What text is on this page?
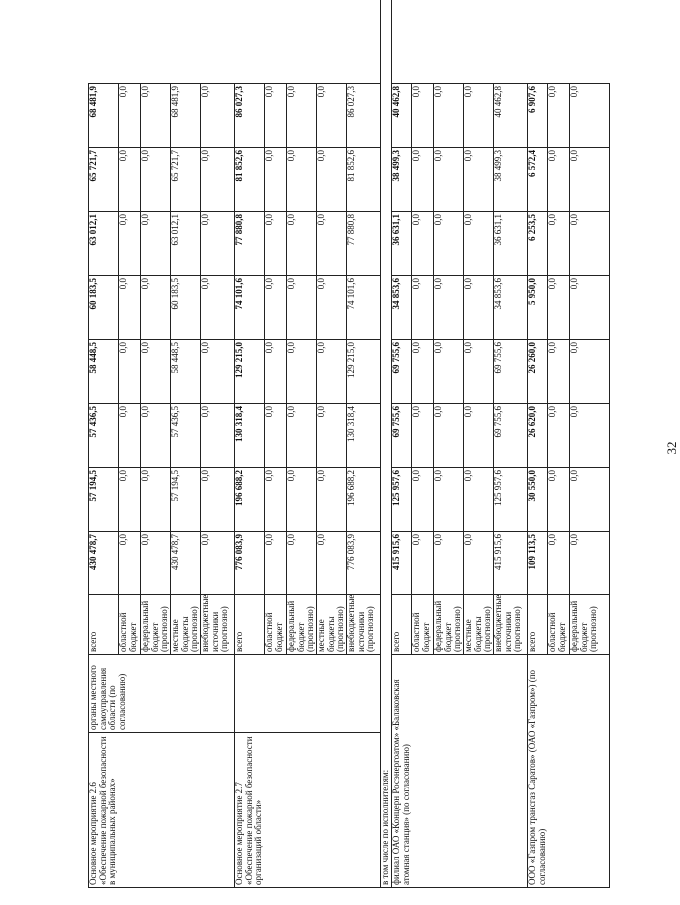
32
Основное мероприятие 2.6 «Обеспечение пожарной безопасности в муниципальных районах»	органы местного самоуправления области (по согласованию)	всего	430 478,7	57 194,5	57 436,5	58 448,5	60 183,5	63 012,1	65 721,7	68 481,9

		областной бюджет	0,0	0,0	0,0	0,0	0,0	0,0	0,0	0,0

		федеральный бюджет (прогнозно)	0,0	0,0	0,0	0,0	0,0	0,0	0,0	0,0

		местные бюджеты (прогнозно)	430 478,7	57 194,5	57 436,5	58 448,5	60 183,5	63 012,1	65 721,7	68 481,9

		внебюджетные источники (прогнозно)	0,0	0,0	0,0	0,0	0,0	0,0	0,0	0,0

Основное мероприятие 2.7 «Обеспечение пожарной безопасности организаций области»		всего	776 083,9	196 688,2	130 318,4	129 215,0	74 101,6	77 880,8	81 852,6	86 027,3

		областной бюджет	0,0	0,0	0,0	0,0	0,0	0,0	0,0	0,0

		федеральный бюджет (прогнозно)	0,0	0,0	0,0	0,0	0,0	0,0	0,0	0,0

		местные бюджеты (прогнозно)	0,0	0,0	0,0	0,0	0,0	0,0	0,0	0,0

		внебюджетные источники (прогнозно)	776 083,9	196 688,2	130 318,4	129 215,0	74 101,6	77 880,8	81 852,6	86 027,3

в том числе по исполнителям:										
филиал ОАО «Концерн Росэнергоатом» «Балаковская атомная станция» (по согласованию)		всего	415 915,6	125 957,6	69 755,6	69 755,6	34 853,6	36 631,1	38 499,3	40 462,8

		областной бюджет	0,0	0,0	0,0	0,0	0,0	0,0	0,0	0,0

		федеральный бюджет (прогнозно)	0,0	0,0	0,0	0,0	0,0	0,0	0,0	0,0

		местные бюджеты (прогнозно)	0,0	0,0	0,0	0,0	0,0	0,0	0,0	0,0

		внебюджетные источники (прогнозно)	415 915,6	125 957,6	69 755,6	69 755,6	34 853,6	36 631,1	38 499,3	40 462,8

ООО «Газпром трансгаз Саратов» (ОАО «Газпром») (по согласованию)		всего	109 113,5	30 550,0	26 620,0	26 260,0	5 950,0	6 253,5	6 572,4	6 907,6

		областной бюджет	0,0	0,0	0,0	0,0	0,0	0,0	0,0	0,0

		федеральный бюджет (прогнозно)	0,0	0,0	0,0	0,0	0,0	0,0	0,0	0,0
